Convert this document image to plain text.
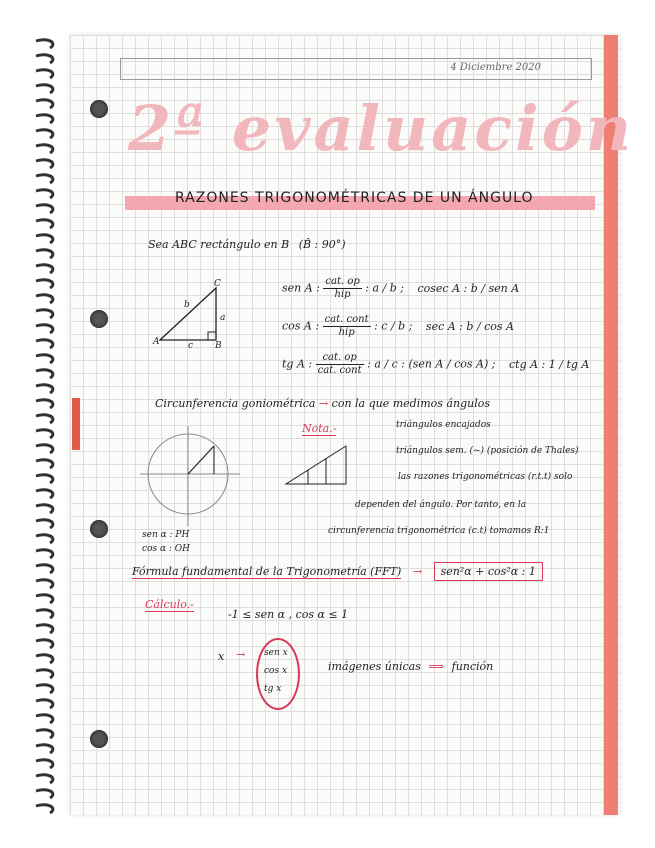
4 Diciembre 2020
2ª evaluación
RAZONES TRIGONOMÉTRICAS DE UN ÁNGULO
Sea ABC rectángulo en B (B̂ : 90°)
A	B
C
b
a
c
sen A : $\frac{\text{cat. op}}{\text{hip}}$ : a / b ; cosec A : b / sen A
cos A : $\frac{\text{cat. cont}}{\text{hip}}$ : c / b ; sec A : b / cos A
tg A : $\frac{\text{cat. op}}{\text{cat. cont}}$ : a / c : (sen A / cos A) ; ctg A : 1 / tg A
Circunferencia goniométrica → con la que medimos ángulos
sen α : PH
cos α : OH
Nota.-	triángulos encajados
triángulos sem. (~) (posición de Thales)
las razones trigonométricas (r.t.t) solo
dependen del ángulo. Por tanto, en la
circunferencia trigonométrica (c.t) tomamos R:1
Fórmula fundamental de la Trigonometría (FFT) → sen²α + cos²α : 1
Cálculo.-
-1 ≤ sen α , cos α ≤ 1
x → sen x
cos x
tg x
imágenes únicas ⟹ función
